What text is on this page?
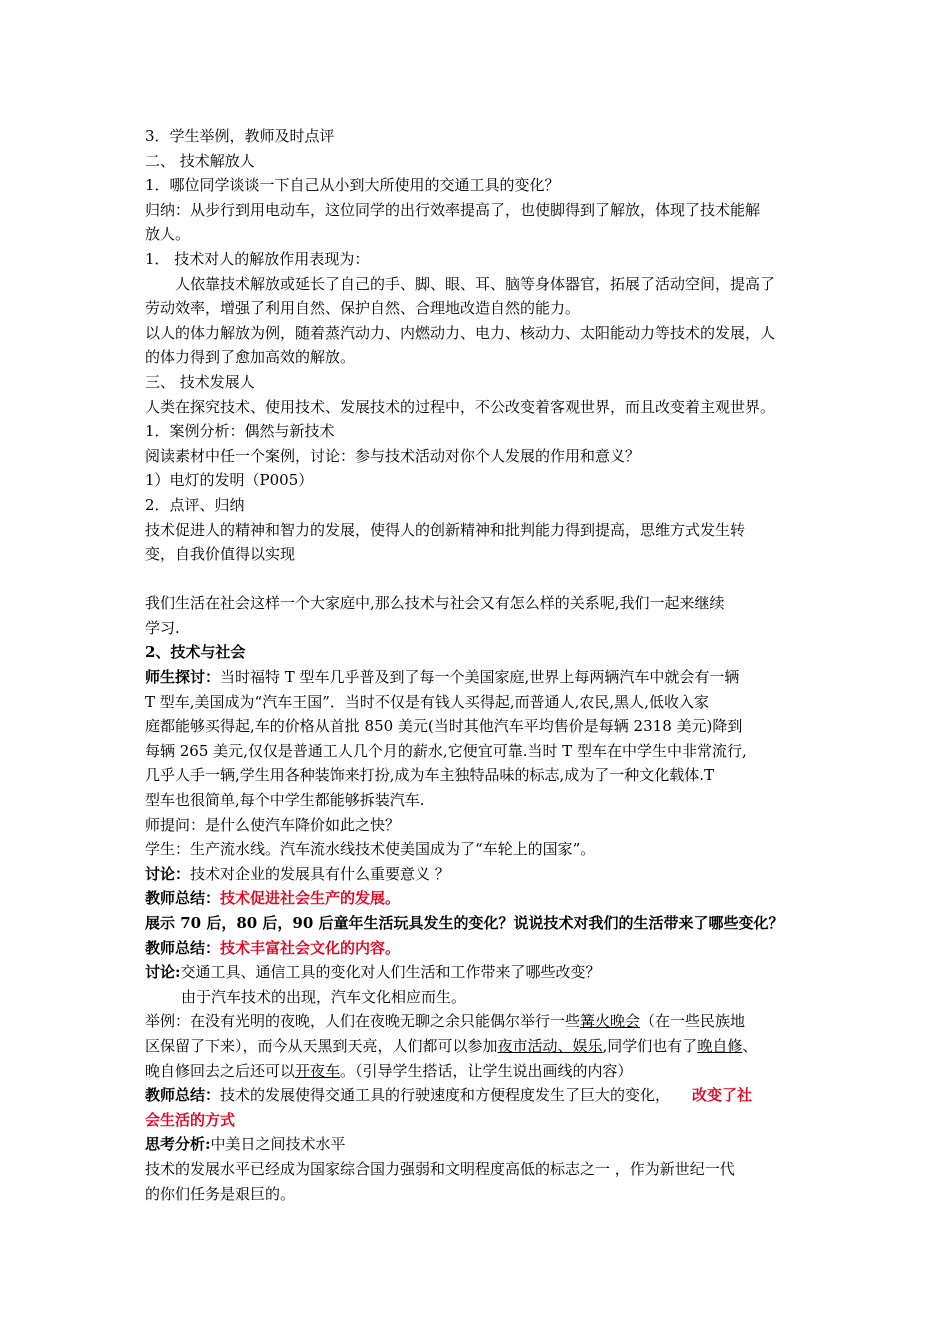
3．学生举例，教师及时点评
二、 技术解放人
1．哪位同学谈谈一下自己从小到大所使用的交通工具的变化？
归纳：从步行到用电动车，这位同学的出行效率提高了，也使脚得到了解放，体现了技术能解
放人。
1． 技术对人的解放作用表现为：
人依靠技术解放或延长了自己的手、脚、眼、耳、脑等身体器官，拓展了活动空间，提高了
劳动效率，增强了利用自然、保护自然、合理地改造自然的能力。
以人的体力解放为例，随着蒸汽动力、内燃动力、电力、核动力、太阳能动力等技术的发展，人
的体力得到了愈加高效的解放。
三、 技术发展人
人类在探究技术、使用技术、发展技术的过程中，不公改变着客观世界，而且改变着主观世界。
1．案例分析：偶然与新技术
阅读素材中任一个案例，讨论：参与技术活动对你个人发展的作用和意义？
1）电灯的发明（P005）
2．点评、归纳
技术促进人的精神和智力的发展，使得人的创新精神和批判能力得到提高，思维方式发生转
变，自我价值得以实现
我们生活在社会这样一个大家庭中,那么技术与社会又有怎么样的关系呢,我们一起来继续
学习.
2、技术与社会
师生探讨：当时福特 T 型车几乎普及到了每一个美国家庭,世界上每两辆汽车中就会有一辆
T 型车,美国成为“汽车王国”．当时不仅是有钱人买得起,而普通人,农民,黑人,低收入家
庭都能够买得起,车的价格从首批 850 美元(当时其他汽车平均售价是每辆 2318 美元)降到
每辆 265 美元,仅仅是普通工人几个月的薪水,它便宜可靠.当时 T 型车在中学生中非常流行,
几乎人手一辆,学生用各种装饰来打扮,成为车主独特品味的标志,成为了一种文化载体.T
型车也很简单,每个中学生都能够拆装汽车.
师提问：是什么使汽车降价如此之快？
学生：生产流水线。汽车流水线技术使美国成为了“车轮上的国家”。
讨论：技术对企业的发展具有什么重要意义 ？
教师总结：技术促进社会生产的发展。
展示 70 后，80 后，90 后童年生活玩具发生的变化？说说技术对我们的生活带来了哪些变化？
教师总结：技术丰富社会文化的内容。
讨论:交通工具、通信工具的变化对人们生活和工作带来了哪些改变？
由于汽车技术的出现，汽车文化相应而生。
举例：在没有光明的夜晚，人们在夜晚无聊之余只能偶尔举行一些篝火晚会（在一些民族地
区保留了下来），而今从天黑到天亮，人们都可以参加夜市活动、娱乐,同学们也有了晚自修、
晚自修回去之后还可以开夜车。（引导学生搭话，让学生说出画线的内容）
教师总结：技术的发展使得交通工具的行驶速度和方便程度发生了巨大的变化， 改变了社
会生活的方式
思考分析:中美日之间技术水平
技术的发展水平已经成为国家综合国力强弱和文明程度高低的标志之一 ，作为新世纪一代
的你们任务是艰巨的。
